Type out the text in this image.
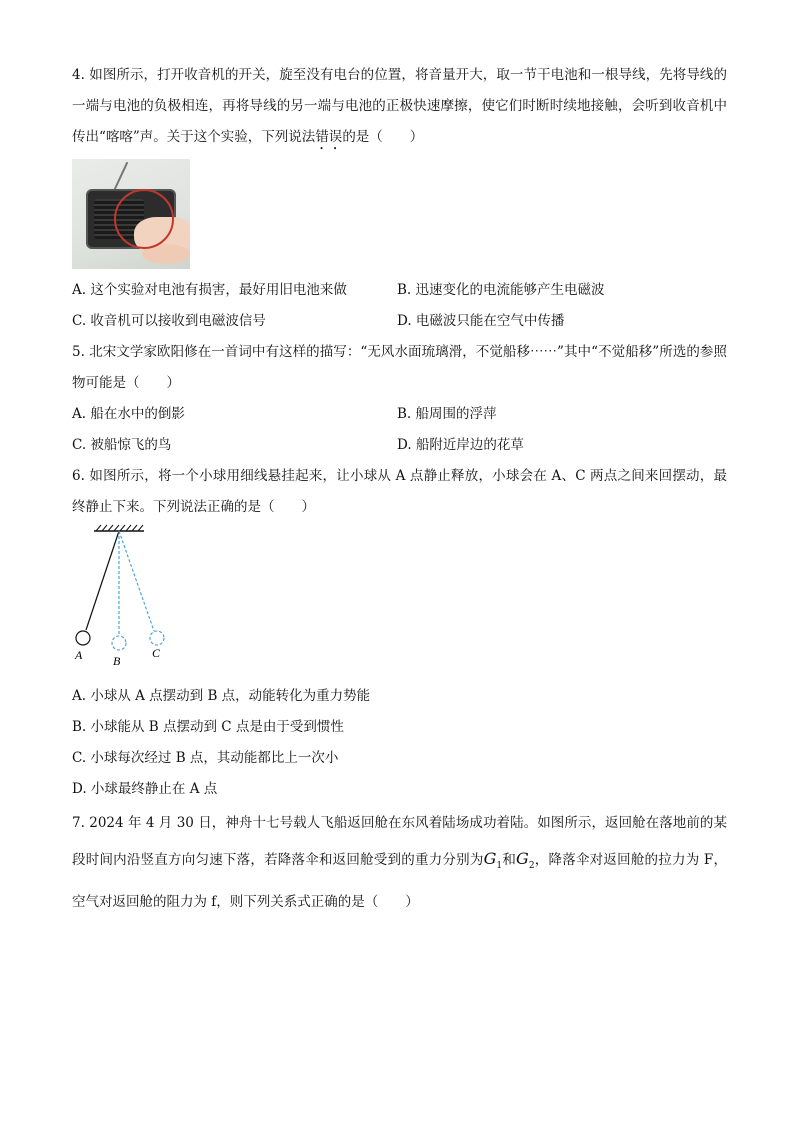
4. 如图所示，打开收音机的开关，旋至没有电台的位置，将音量开大，取一节干电池和一根导线，先将导线的一端与电池的负极相连，再将导线的另一端与电池的正极快速摩擦，使它们时断时续地接触，会听到收音机中传出“喀喀”声。关于这个实验，下列说法错误的是（　　）

A. 这个实验对电池有损害，最好用旧电池来做	B. 迅速变化的电流能够产生电磁波
C. 收音机可以接收到电磁波信号	D. 电磁波只能在空气中传播

5. 北宋文学家欧阳修在一首词中有这样的描写：“无风水面琉璃滑，不觉船移⋯⋯”其中“不觉船移”所选的参照物可能是（　　）

A. 船在水中的倒影	B. 船周围的浮萍
C. 被船惊飞的鸟	D. 船附近岸边的花草

6. 如图所示，将一个小球用细线悬挂起来，让小球从 A 点静止释放，小球会在 A、C 两点之间来回摆动，最终静止下来。下列说法正确的是（　　）

A	B
C
A. 小球从 A 点摆动到 B 点，动能转化为重力势能
B. 小球能从 B 点摆动到 C 点是由于受到惯性
C. 小球每次经过 B 点，其动能都比上一次小
D. 小球最终静止在 A 点

7. 2024 年 4 月 30 日，神舟十七号载人飞船返回舱在东风着陆场成功着陆。如图所示，返回舱在落地前的某段时间内沿竖直方向匀速下落，若降落伞和返回舱受到的重力分别为$G_1$和$G_2$，降落伞对返回舱的拉力为 F，空气对返回舱的阻力为 f，则下列关系式正确的是（　　）
